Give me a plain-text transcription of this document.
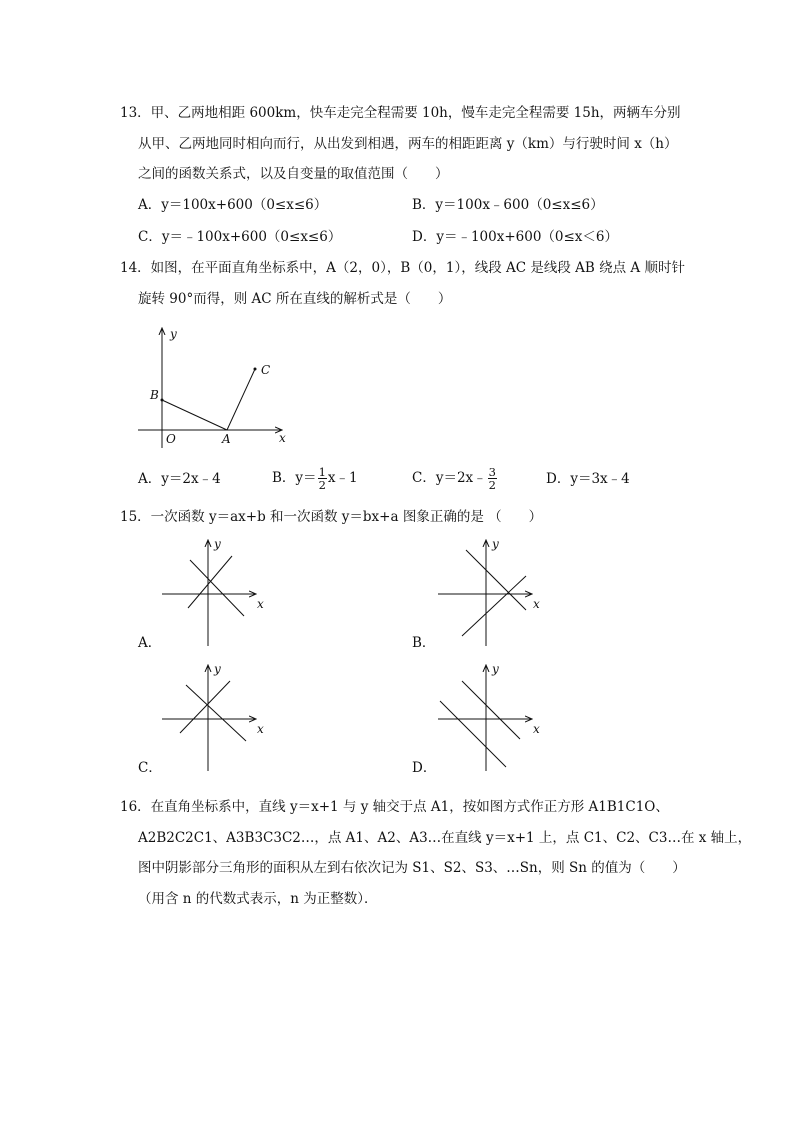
13．甲、乙两地相距 600km，快车走完全程需要 10h，慢车走完全程需要 15h，两辆车分别
从甲、乙两地同时相向而行，从出发到相遇，两车的相距距离 y（km）与行驶时间 x（h）
之间的函数关系式，以及自变量的取值范围（　　）
A．y＝100x+600（0≤x≤6）	B．y＝100x﹣600（0≤x≤6）
C．y＝﹣100x+600（0≤x≤6）	D．y＝﹣100x+600（0≤x＜6）
14．如图，在平面直角坐标系中，A（2，0），B（0，1），线段 AC 是线段 AB 绕点 A 顺时针
旋转 90°而得，则 AC 所在直线的解析式是（　　）
y
x
B
C
O	A
A．y＝2x﹣4	B．$y= \frac{1}{2}$ x﹣1	C．y＝2x﹣ $\frac{3}{2}$	D．y＝3x﹣4
15．一次函数 y＝ax+b 和一次函数 y＝bx+a 图象正确的是 （　　）
y
x
A．
y
x
B．
y
x
C．
y
x
D．
16．在直角坐标系中，直线 y＝x+1 与 y 轴交于点 A1，按如图方式作正方形 A1B1C1O、
A2B2C2C1、A3B3C3C2…，点 A1、A2、A3…在直线 y＝x+1 上，点 C1、C2、C3…在 x 轴上，
图中阴影部分三角形的面积从左到右依次记为 S1、S2、S3、…Sn，则 Sn 的值为（　　）
（用含 n 的代数式表示，n 为正整数）．
